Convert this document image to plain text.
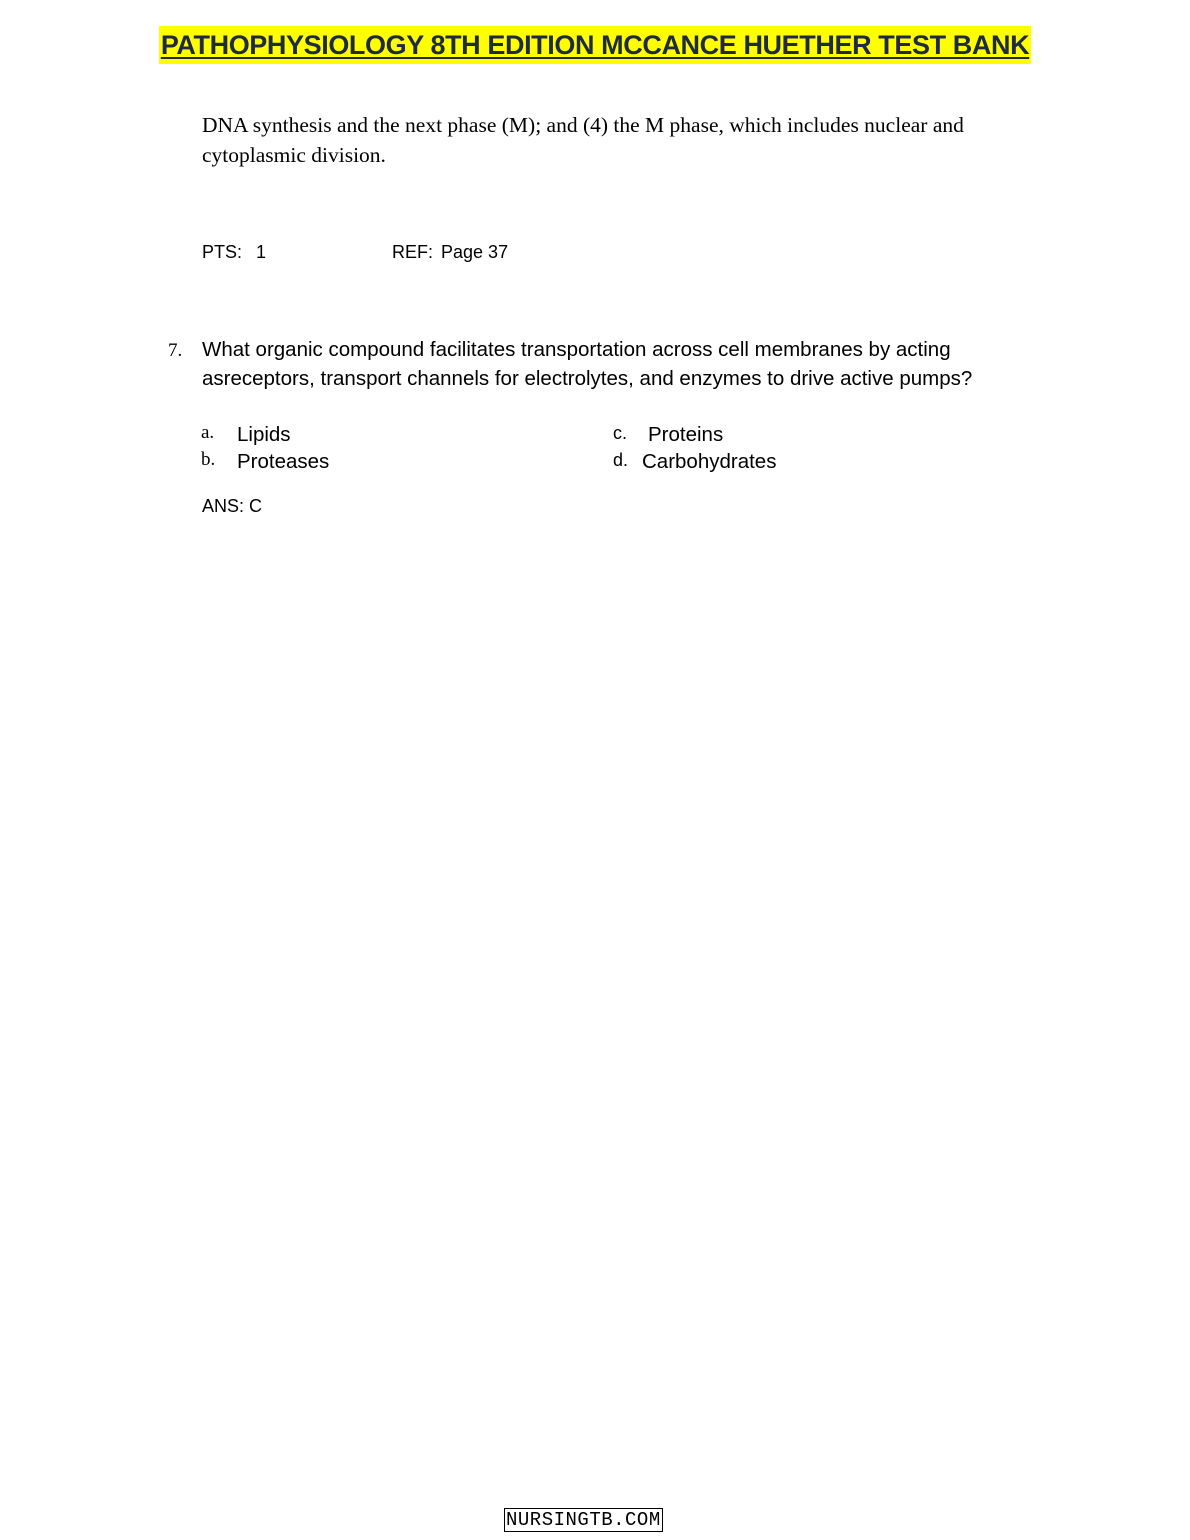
PATHOPHYSIOLOGY 8TH EDITION MCCANCE HUETHER TEST BANK
DNA synthesis and the next phase (M); and (4) the M phase, which includes nuclear and cytoplasmic division.
PTS: 1	REF: Page 37
7. What organic compound facilitates transportation across cell membranes by acting asreceptors, transport channels for electrolytes, and enzymes to drive active pumps?
a. Lipids
b. Proteases
c. Proteins
d. Carbohydrates
ANS: C
NURSINGTB.COM
